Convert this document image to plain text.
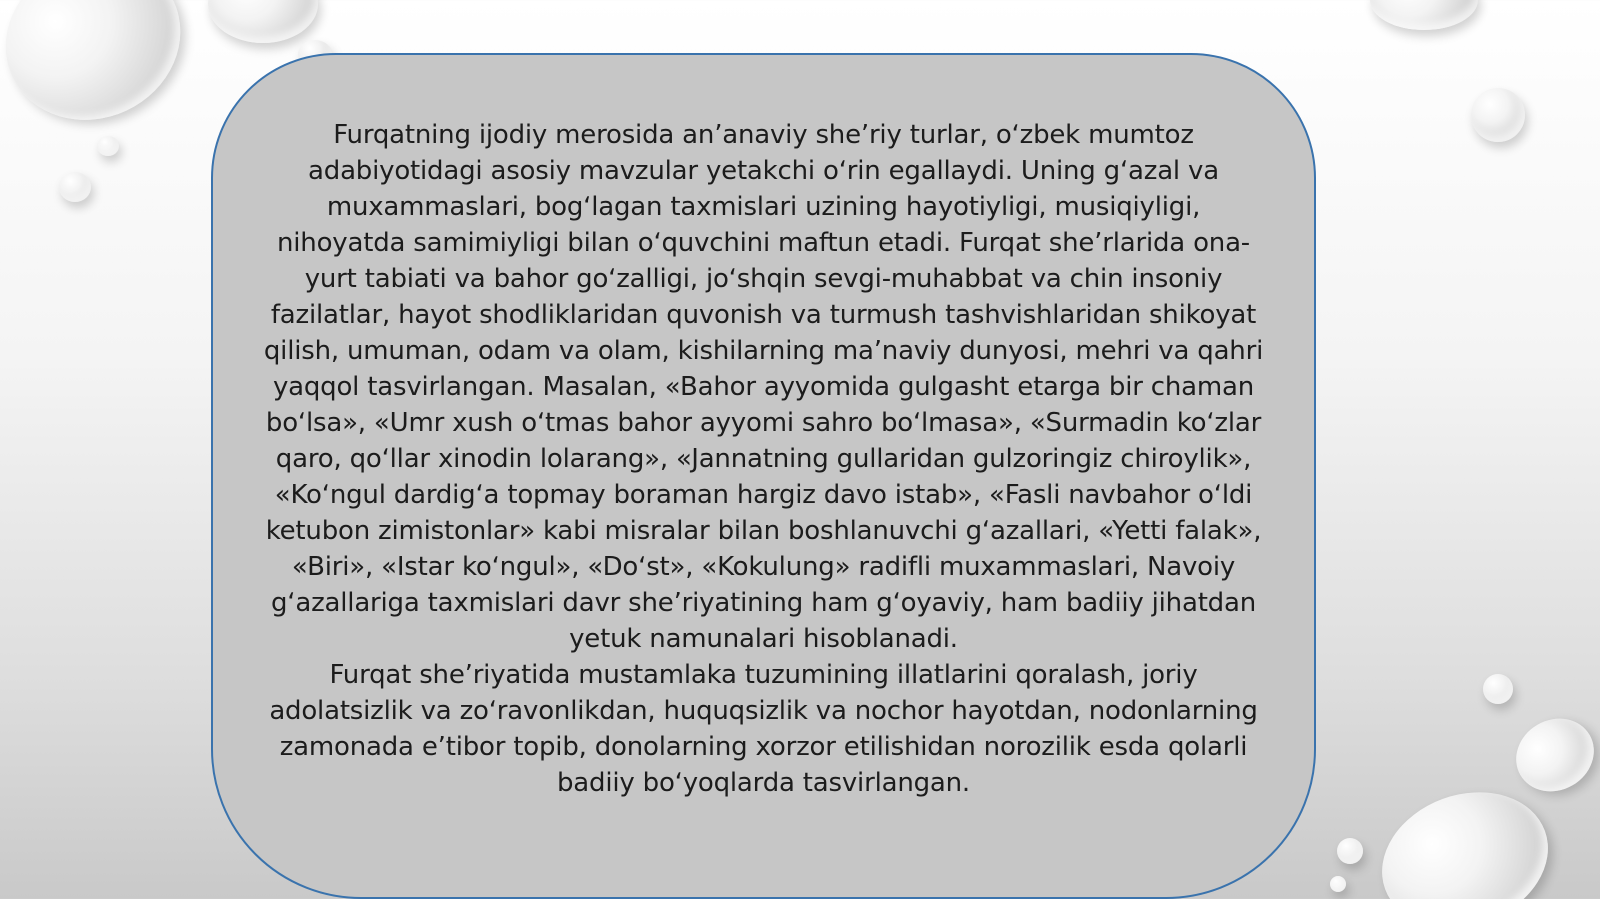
Furqatning ijodiy merosida an’anaviy she’riy turlar, oʻzbek mumtoz adabiyotidagi asosiy mavzular yetakchi oʻrin egallaydi. Uning gʻazal va muxammaslari, bogʻlagan taxmislari uzining hayotiyligi, musiqiyligi, nihoyatda samimiyligi bilan oʻquvchini maftun etadi. Furqat she’rlarida ona-yurt tabiati va bahor goʻzalligi, joʻshqin sevgi-muhabbat va chin insoniy fazilatlar, hayot shodliklaridan quvonish va turmush tashvishlaridan shikoyat qilish, umuman, odam va olam, kishilarning ma’naviy dunyosi, mehri va qahri yaqqol tasvirlangan. Masalan, «Bahor ayyomida gulgasht etarga bir chaman boʻlsa», «Umr xush oʻtmas bahor ayyomi sahro boʻlmasa», «Surmadin koʻzlar qaro, qoʻllar xinodin lolarang», «Jannatning gullaridan gulzoringiz chiroylik», «Koʻngul dardigʻa topmay boraman hargiz davo istab», «Fasli navbahor oʻldi ketubon zimistonlar» kabi misralar bilan boshlanuvchi gʻazallari, «Yetti falak», «Biri», «Istar koʻngul», «Doʻst», «Kokulung» radifli muxammaslari, Navoiy gʻazallariga taxmislari davr she’riyatining ham gʻoyaviy, ham badiiy jihatdan yetuk namunalari hisoblanadi.

Furqat she’riyatida mustamlaka tuzumining illatlarini qoralash, joriy adolatsizlik va zoʻravonlikdan, huquqsizlik va nochor hayotdan, nodonlarning zamonada e’tibor topib, donolarning xorzor etilishidan norozilik esda qolarli badiiy boʻyoqlarda tasvirlangan.
